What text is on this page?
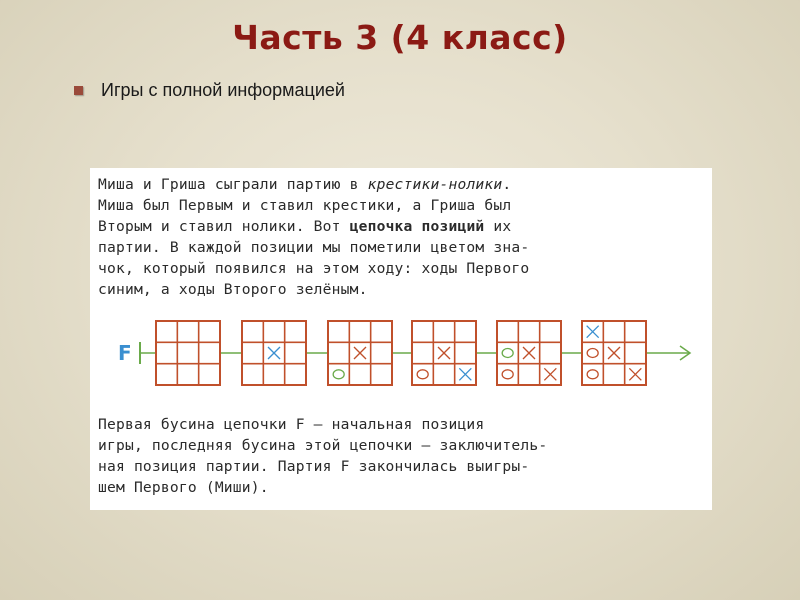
Часть 3 (4 класс)
Игры с полной информацией
Миша и Гриша сыграли партию в крестики-нолики.
Миша был Первым и ставил крестики, а Гриша был
Вторым и ставил нолики. Вот цепочка позиций их
партии. В каждой позиции мы пометили цветом зна-
чок, который появился на этом ходу: ходы Первого
синим, а ходы Второго зелёным.
F
Первая бусина цепочки F — начальная позиция
игры, последняя бусина этой цепочки — заключитель-
ная позиция партии. Партия F закончилась выигры-
шем Первого (Миши).
